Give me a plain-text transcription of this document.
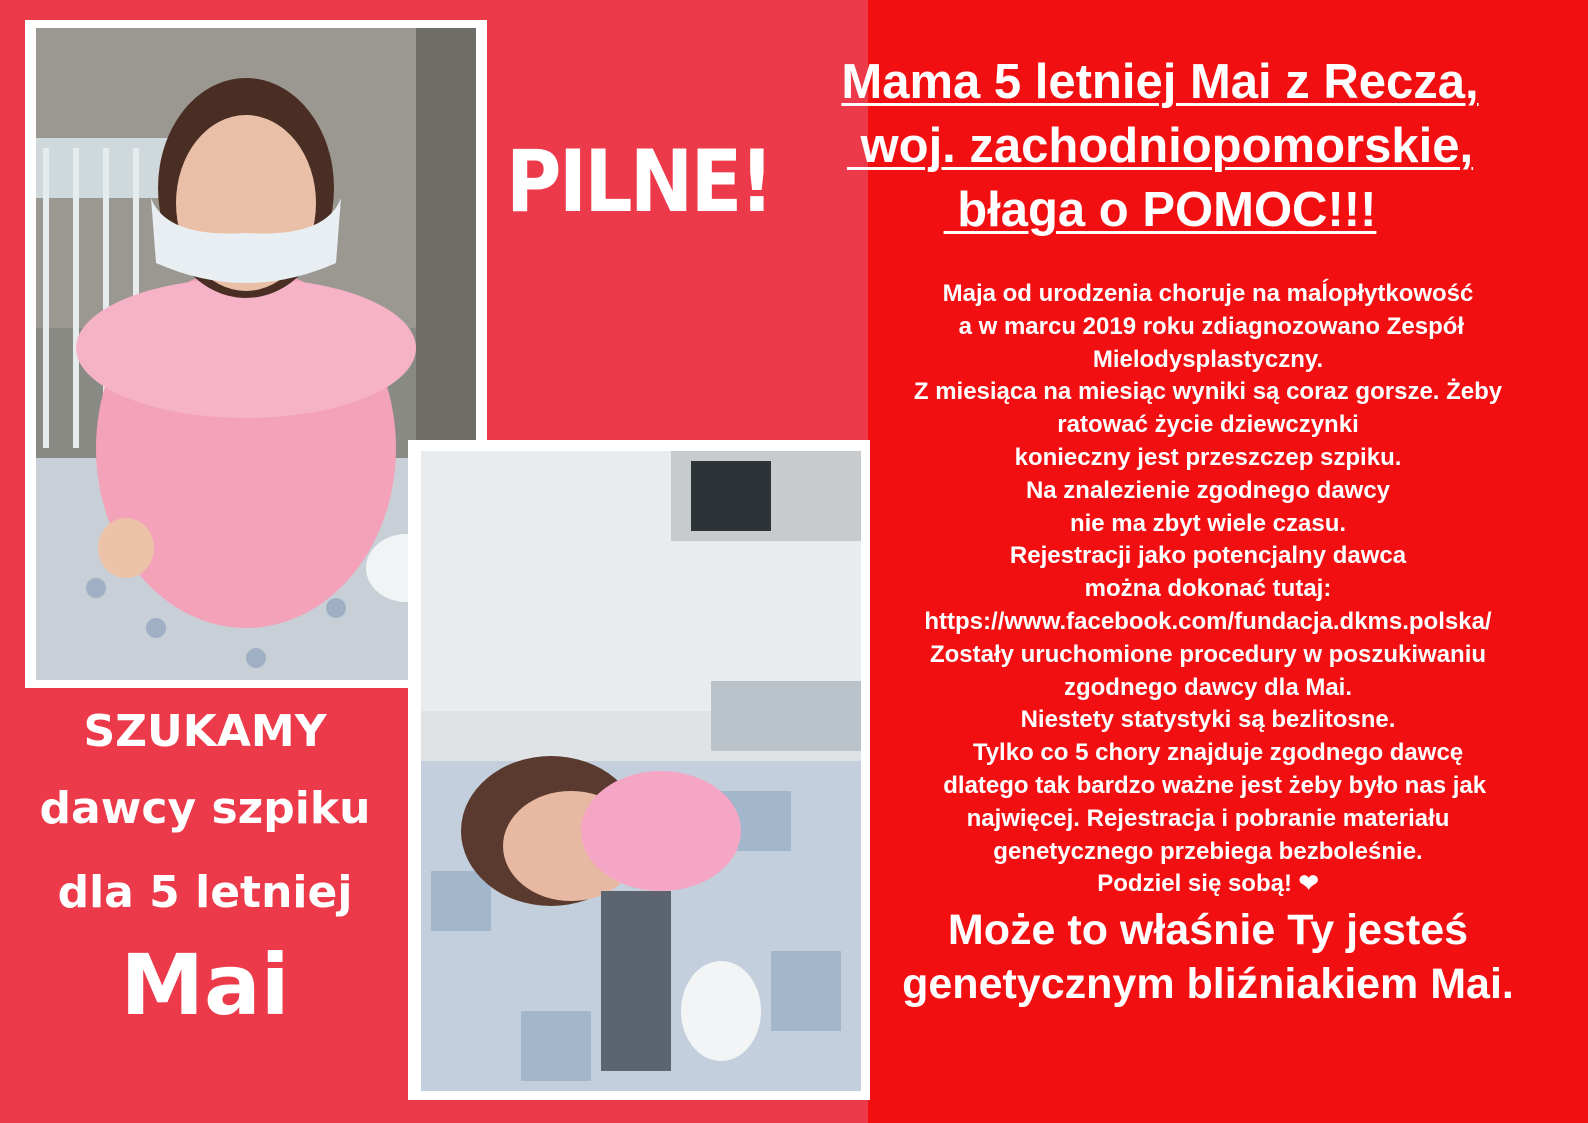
PILNE!
SZUKAMY
dawcy szpiku
dla 5 letniej
Mai
Mama 5 letniej Mai z Recza,
woj. zachodniopomorskie,
błaga o POMOC!!!
Maja od urodzenia choruje na maĺopłytkowość
a w marcu 2019 roku zdiagnozowano Zespół
Mielodysplastyczny.
Z miesiąca na miesiąc wyniki są coraz gorsze. Żeby
ratować życie dziewczynki
konieczny jest przeszczep szpiku.
Na znalezienie zgodnego dawcy
nie ma zbyt wiele czasu.
Rejestracji jako potencjalny dawca
można dokonać tutaj:
https://www.facebook.com/fundacja.dkms.polska/
Zostały uruchomione procedury w poszukiwaniu
zgodnego dawcy dla Mai.
Niestety statystyki są bezlitosne.
Tylko co 5 chory znajduje zgodnego dawcę
dlatego tak bardzo ważne jest żeby było nas jak
najwięcej. Rejestracja i pobranie materiału
genetycznego przebiega bezboleśnie.
Podziel się sobą! ❤
Może to właśnie Ty jesteś
genetycznym bliźniakiem Mai.
